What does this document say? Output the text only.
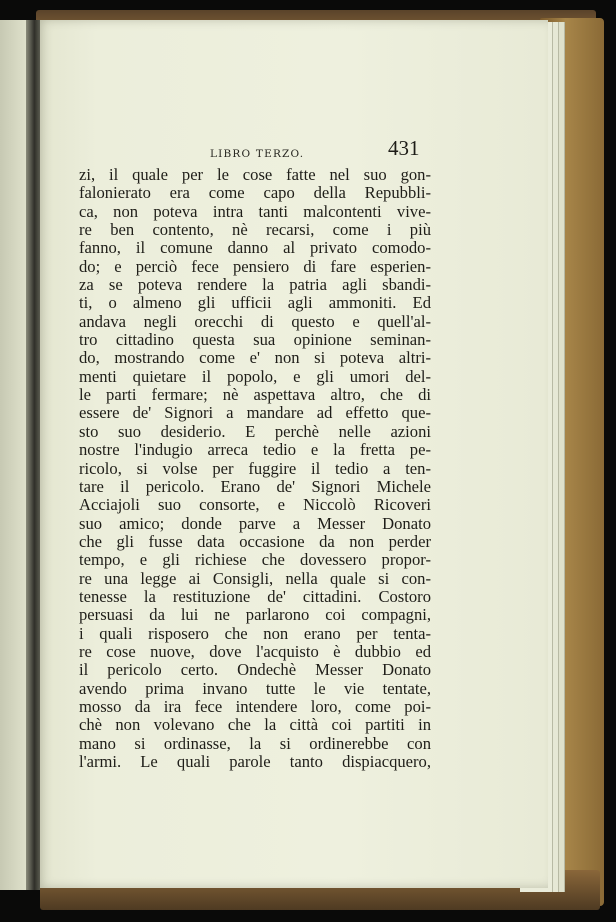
LIBRO TERZO.	431
zi, il quale per le cose fatte nel suo gon-
falonierato era come capo della Repubbli-
ca, non poteva intra tanti malcontenti vive-
re ben contento, nè recarsi, come i più
fanno, il comune danno al privato comodo-
do; e perciò fece pensiero di fare esperien-
za se poteva rendere la patria agli sbandi-
ti, o almeno gli ufficii agli ammoniti. Ed
andava negli orecchi di questo e quell'al-
tro cittadino questa sua opinione seminan-
do, mostrando come e' non si poteva altri-
menti quietare il popolo, e gli umori del-
le parti fermare; nè aspettava altro, che di
essere de' Signori a mandare ad effetto que-
sto suo desiderio. E perchè nelle azioni
nostre l'indugio arreca tedio e la fretta pe-
ricolo, si volse per fuggire il tedio a ten-
tare il pericolo. Erano de' Signori Michele
Acciajoli suo consorte, e Niccolò Ricoveri
suo amico; donde parve a Messer Donato
che gli fusse data occasione da non perder
tempo, e gli richiese che dovessero propor-
re una legge ai Consigli, nella quale si con-
tenesse la restituzione de' cittadini. Costoro
persuasi da lui ne parlarono coi compagni,
i quali risposero che non erano per tenta-
re cose nuove, dove l'acquisto è dubbio ed
il pericolo certo. Ondechè Messer Donato
avendo prima invano tutte le vie tentate,
mosso da ira fece intendere loro, come poi-
chè non volevano che la città coi partiti in
mano si ordinasse, la si ordinerebbe con
l'armi. Le quali parole tanto dispiacquero,
